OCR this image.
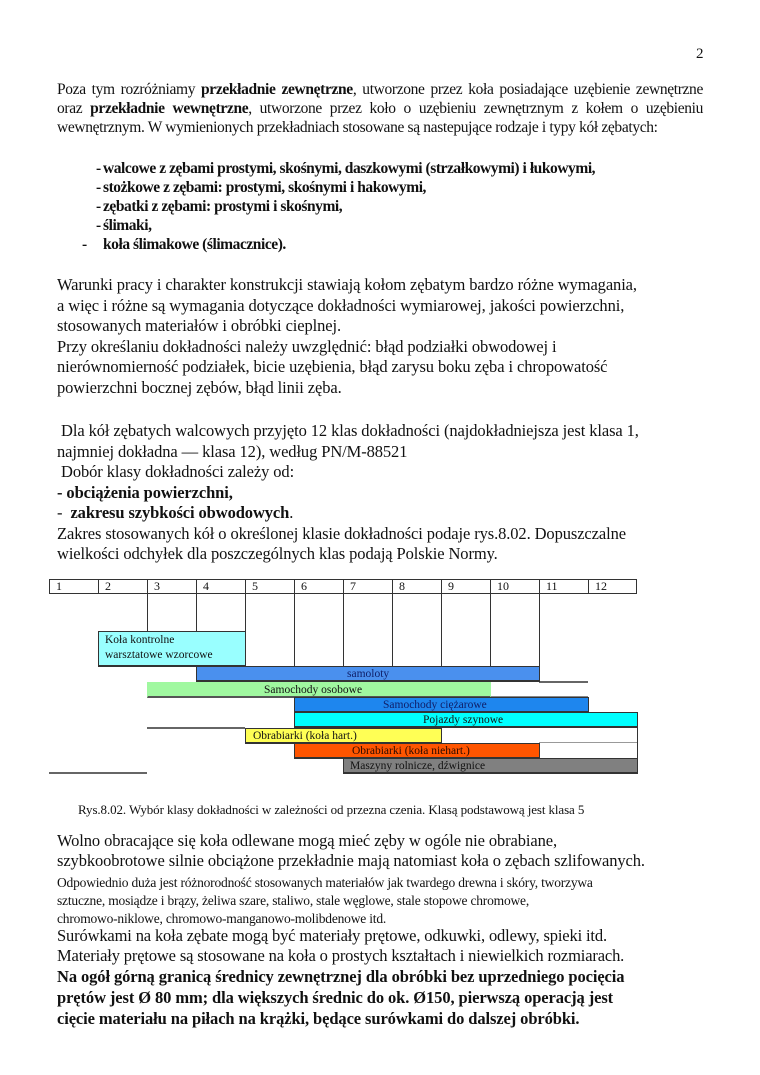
2
Poza tym rozróżniamy przekładnie zewnętrzne, utworzone przez koła posiadające uzębienie zewnętrzne oraz przekładnie wewnętrzne, utworzone przez koło o uzębieniu zewnętrznym z kołem o uzębieniu wewnętrznym. W wymienionych przekładniach stosowane są nastepujące rodzaje i typy kół zębatych:
- walcowe z zębami prostymi, skośnymi, daszkowymi (strzałkowymi) i łukowymi,
- stożkowe z zębami: prostymi, skośnymi i hakowymi,
- zębatki z zębami: prostymi i skośnymi,
- ślimaki,
- koła ślimakowe (ślimacznice).
Warunki pracy i charakter konstrukcji stawiają kołom zębatym bardzo różne wymagania,
a więc i różne są wymagania dotyczące dokładności wymiarowej, jakości powierzchni,
stosowanych materiałów i obróbki cieplnej.
Przy określaniu dokładności należy uwzględnić: błąd podziałki obwodowej i
nierównomierność podziałek, bicie uzębienia, błąd zarysu boku zęba i chropowatość
powierzchni bocznej zębów, błąd linii zęba.
Dla kół zębatych walcowych przyjęto 12 klas dokładności (najdokładniejsza jest klasa 1,
najmniej dokładna — klasa 12), według PN/M-88521
Dobór klasy dokładności zależy od:
- obciążenia powierzchni,
-  zakresu szybkości obwodowych.
Zakres stosowanych kół o określonej klasie dokładności podaje rys.8.02. Dopuszczalne
wielkości odchyłek dla poszczególnych klas podają Polskie Normy.
1	2	3	4	5	6	7	8	9	10	11	12
Koła kontrolne
warsztatowe wzorcowe
samoloty
Samochody osobowe
Samochody ciężarowe
Pojazdy szynowe
Obrabiarki (koła hart.)
Obrabiarki (koła niehart.)
Maszyny rolnicze, dźwignice
Rys.8.02. Wybór klasy dokładności w zależności od przezna czenia. Klasą podstawową jest klasa 5
Wolno obracające się koła odlewane mogą mieć zęby w ogóle nie obrabiane,
szybkoobrotowe silnie obciążone przekładnie mają natomiast koła o zębach szlifowanych.
Odpowiednio duża jest różnorodność stosowanych materiałów jak twardego drewna i skóry, tworzywa
sztuczne, mosiądze i brązy, żeliwa szare, staliwo, stale węglowe, stale stopowe chromowe,
chromowo-niklowe, chromowo-manganowo-molibdenowe itd.
Surówkami na koła zębate mogą być materiały prętowe, odkuwki, odlewy, spieki itd.
Materiały prętowe są stosowane na koła o prostych kształtach i niewielkich rozmiarach.
Na ogół górną granicą średnicy zewnętrznej dla obróbki bez uprzedniego pocięcia
prętów jest Ø 80 mm; dla większych średnic do ok. Ø150, pierwszą operacją jest
cięcie materiału na piłach na krążki, będące surówkami do dalszej obróbki.
